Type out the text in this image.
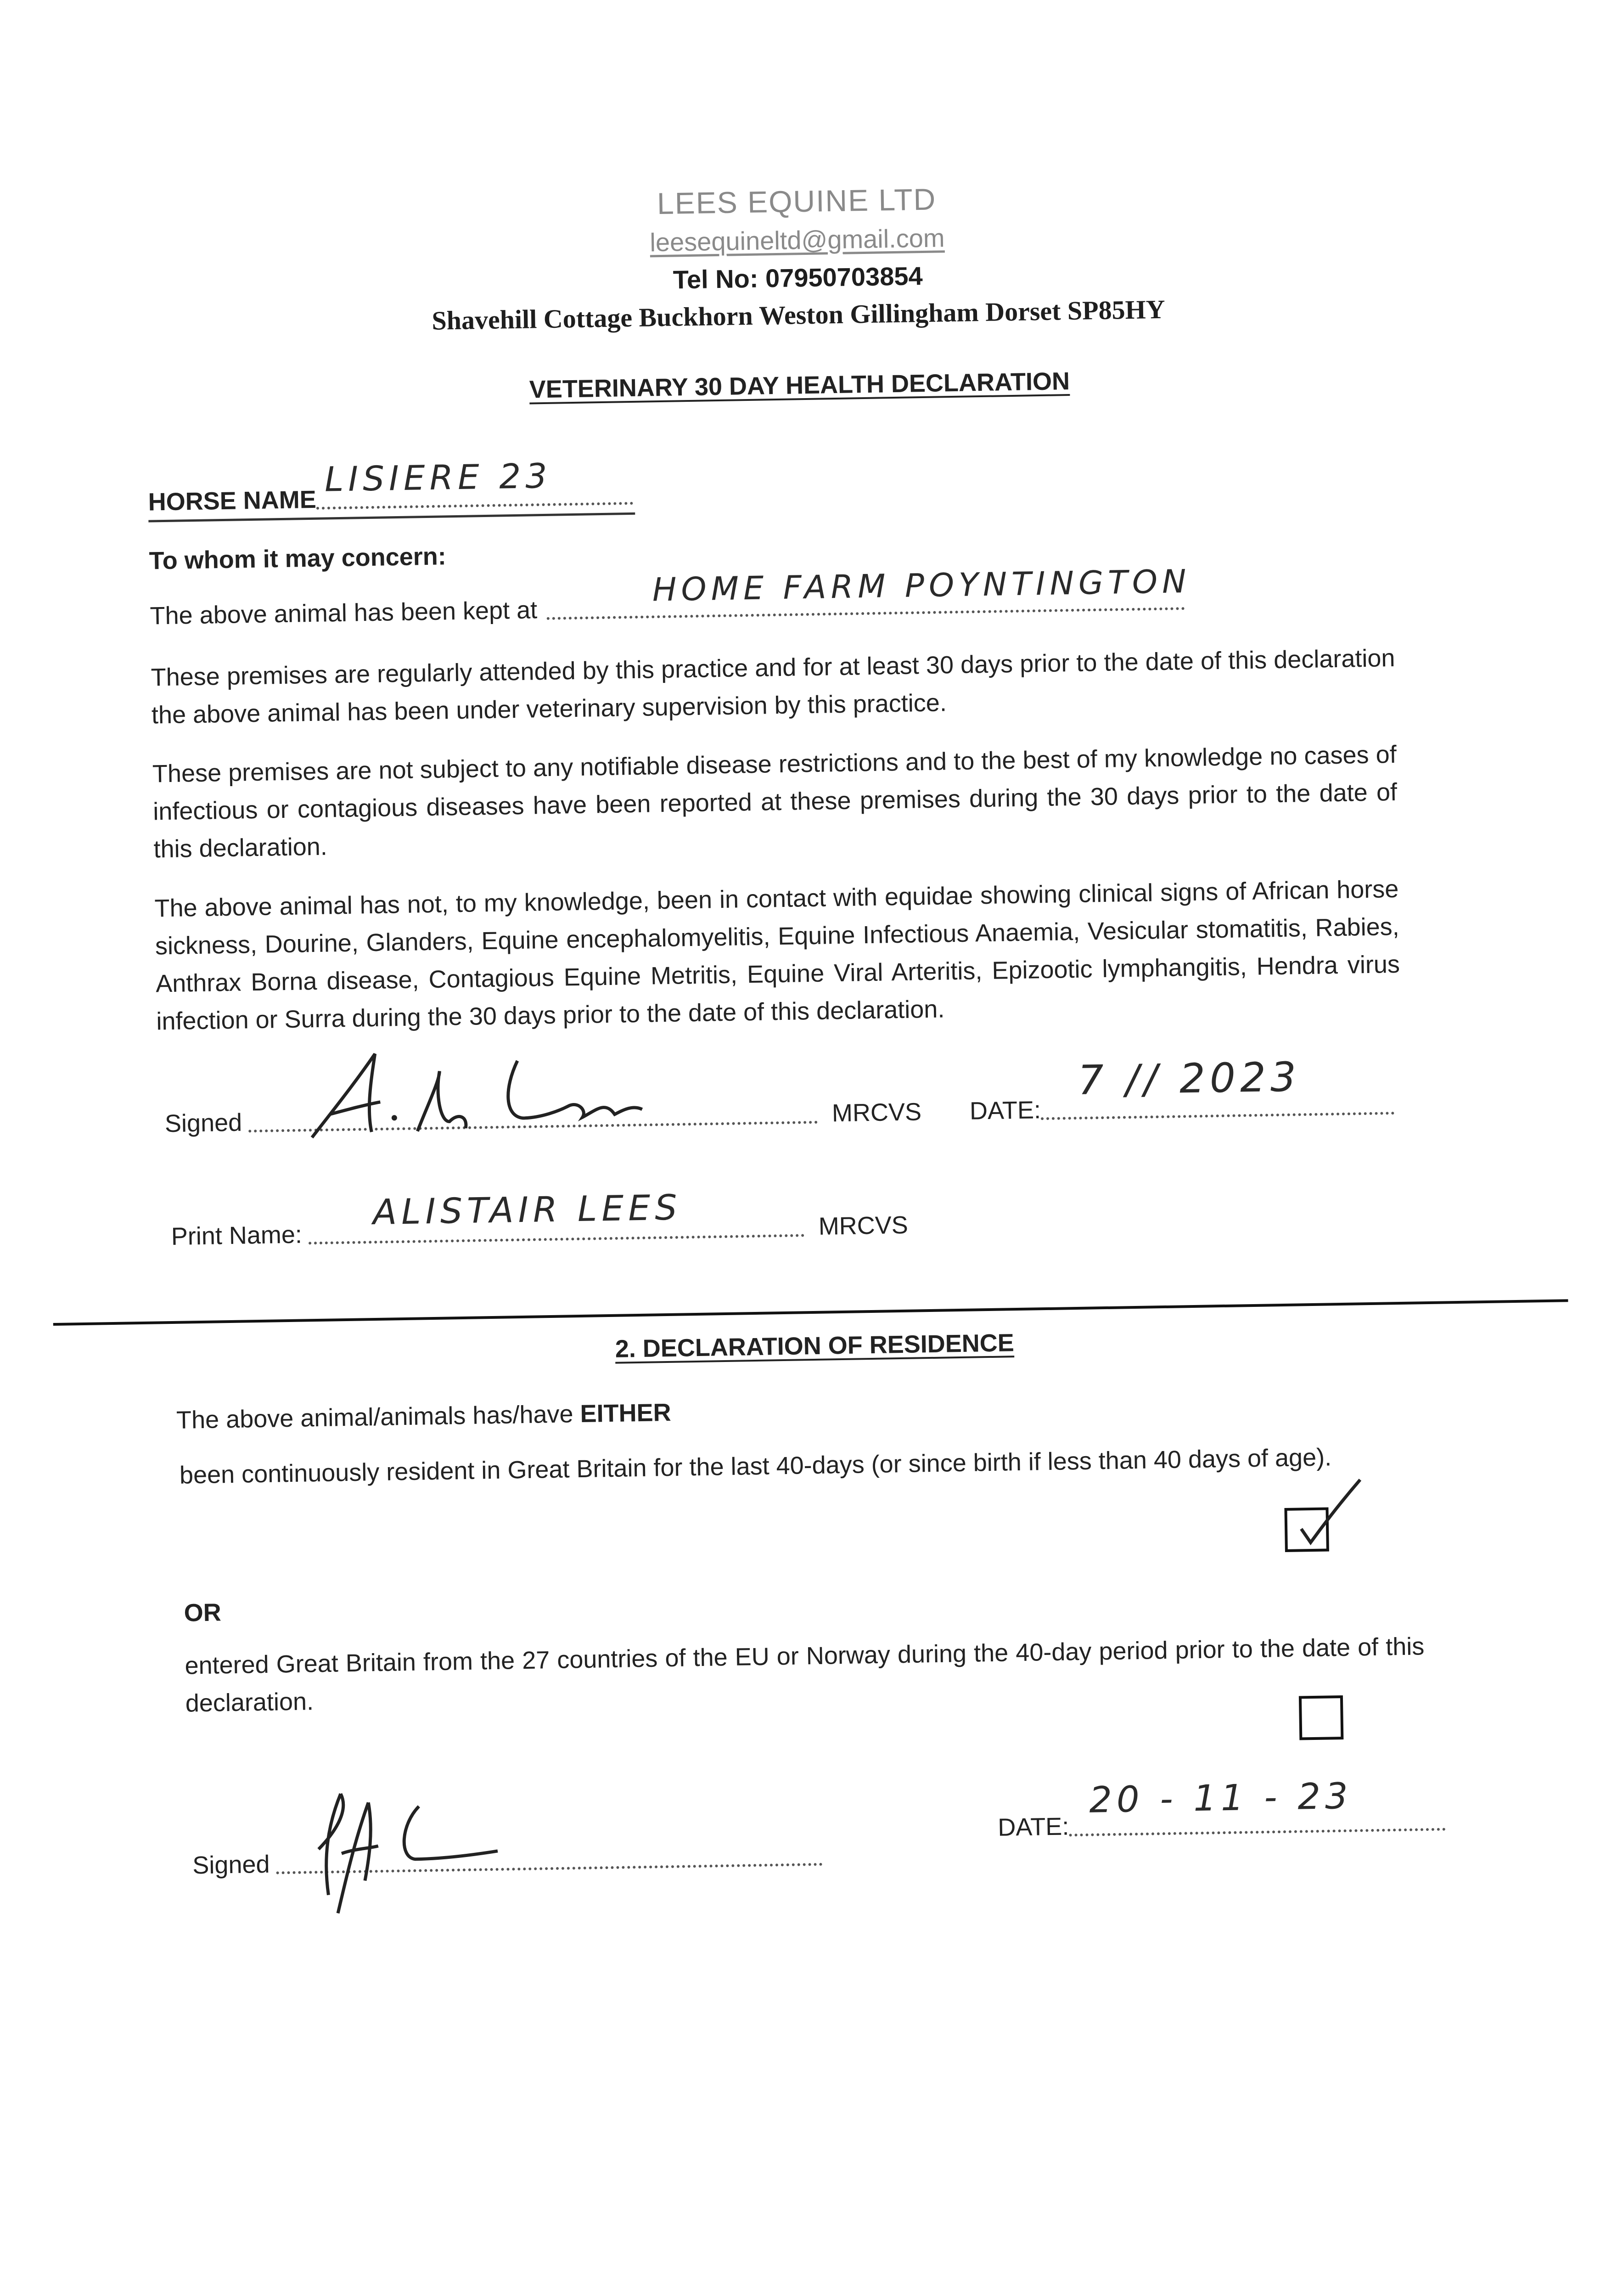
LEES EQUINE LTD
leesequineltd@gmail.com
Tel No: 07950703854
Shavehill Cottage Buckhorn Weston Gillingham Dorset SP85HY
VETERINARY 30 DAY HEALTH DECLARATION
HORSE NAME
LISIERE 23
To whom it may concern:
The above animal has been kept at
HOME FARM POYNTINGTON
These premises are regularly attended by this practice and for at least 30 days prior to the date of this declaration the above animal has been under veterinary supervision by this practice.
These premises are not subject to any notifiable disease restrictions and to the best of my knowledge no cases of infectious or contagious diseases have been reported at these premises during the 30 days prior to the date of this declaration.
The above animal has not, to my knowledge, been in contact with equidae showing clinical signs of African horse sickness, Dourine, Glanders, Equine encephalomyelitis, Equine Infectious Anaemia, Vesicular stomatitis, Rabies, Anthrax Borna disease, Contagious Equine Metritis, Equine Viral Arteritis, Epizootic lymphangitis, Hendra virus infection or Surra during the 30 days prior to the date of this declaration.
Signed	MRCVS DATE:
7 // 2023
Print Name:	MRCVS
ALISTAIR LEES
2. DECLARATION OF RESIDENCE
The above animal/animals has/have EITHER
been continuously resident in Great Britain for the last 40-days (or since birth if less than 40 days of age).
OR
entered Great Britain from the 27 countries of the EU or Norway during the 40-day period prior to the date of this declaration.
Signed
DATE:
20 - 11 - 23
